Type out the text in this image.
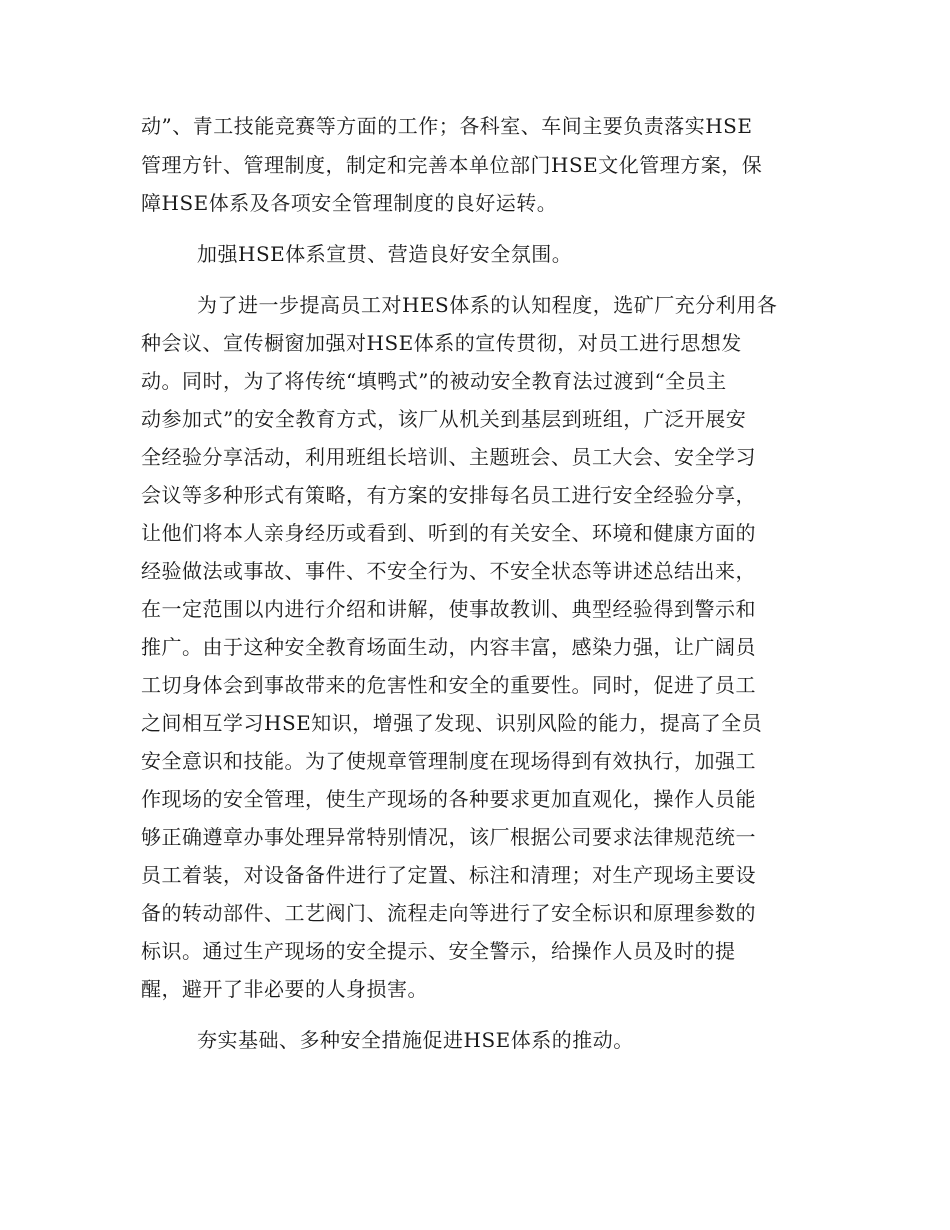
动”、青工技能竞赛等方面的工作；各科室、车间主要负责落实HSE
管理方针、管理制度，制定和完善本单位部门HSE文化管理方案，保
障HSE体系及各项安全管理制度的良好运转。
加强HSE体系宣贯、营造良好安全氛围。
为了进一步提高员工对HES体系的认知程度，选矿厂充分利用各
种会议、宣传橱窗加强对HSE体系的宣传贯彻，对员工进行思想发
动。同时，为了将传统“填鸭式”的被动安全教育法过渡到“全员主
动参加式”的安全教育方式，该厂从机关到基层到班组，广泛开展安
全经验分享活动，利用班组长培训、主题班会、员工大会、安全学习
会议等多种形式有策略，有方案的安排每名员工进行安全经验分享，
让他们将本人亲身经历或看到、听到的有关安全、环境和健康方面的
经验做法或事故、事件、不安全行为、不安全状态等讲述总结出来，
在一定范围以内进行介绍和讲解，使事故教训、典型经验得到警示和
推广。由于这种安全教育场面生动，内容丰富，感染力强，让广阔员
工切身体会到事故带来的危害性和安全的重要性。同时，促进了员工
之间相互学习HSE知识，增强了发现、识别风险的能力，提高了全员
安全意识和技能。为了使规章管理制度在现场得到有效执行，加强工
作现场的安全管理，使生产现场的各种要求更加直观化，操作人员能
够正确遵章办事处理异常特别情况，该厂根据公司要求法律规范统一
员工着装，对设备备件进行了定置、标注和清理；对生产现场主要设
备的转动部件、工艺阀门、流程走向等进行了安全标识和原理参数的
标识。通过生产现场的安全提示、安全警示，给操作人员及时的提
醒，避开了非必要的人身损害。
夯实基础、多种安全措施促进HSE体系的推动。
